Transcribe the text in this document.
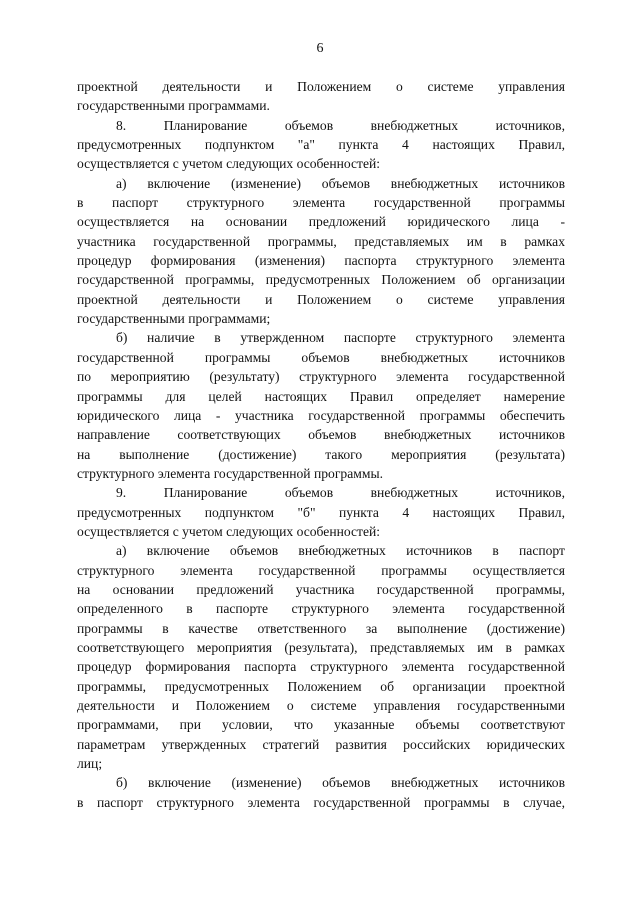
6
проектной деятельности и Положением о системе управления
государственными программами.
8. Планирование объемов внебюджетных источников,
предусмотренных подпунктом "а" пункта 4 настоящих Правил,
осуществляется с учетом следующих особенностей:
а) включение (изменение) объемов внебюджетных источников
в паспорт структурного элемента государственной программы
осуществляется на основании предложений юридического лица -
участника государственной программы, представляемых им в рамках
процедур формирования (изменения) паспорта структурного элемента
государственной программы, предусмотренных Положением об организации
проектной деятельности и Положением о системе управления
государственными программами;
б) наличие в утвержденном паспорте структурного элемента
государственной программы объемов внебюджетных источников
по мероприятию (результату) структурного элемента государственной
программы для целей настоящих Правил определяет намерение
юридического лица - участника государственной программы обеспечить
направление соответствующих объемов внебюджетных источников
на выполнение (достижение) такого мероприятия (результата)
структурного элемента государственной программы.
9. Планирование объемов внебюджетных источников,
предусмотренных подпунктом "б" пункта 4 настоящих Правил,
осуществляется с учетом следующих особенностей:
а) включение объемов внебюджетных источников в паспорт
структурного элемента государственной программы осуществляется
на основании предложений участника государственной программы,
определенного в паспорте структурного элемента государственной
программы в качестве ответственного за выполнение (достижение)
соответствующего мероприятия (результата), представляемых им в рамках
процедур формирования паспорта структурного элемента государственной
программы, предусмотренных Положением об организации проектной
деятельности и Положением о системе управления государственными
программами, при условии, что указанные объемы соответствуют
параметрам утвержденных стратегий развития российских юридических
лиц;
б) включение (изменение) объемов внебюджетных источников
в паспорт структурного элемента государственной программы в случае,
